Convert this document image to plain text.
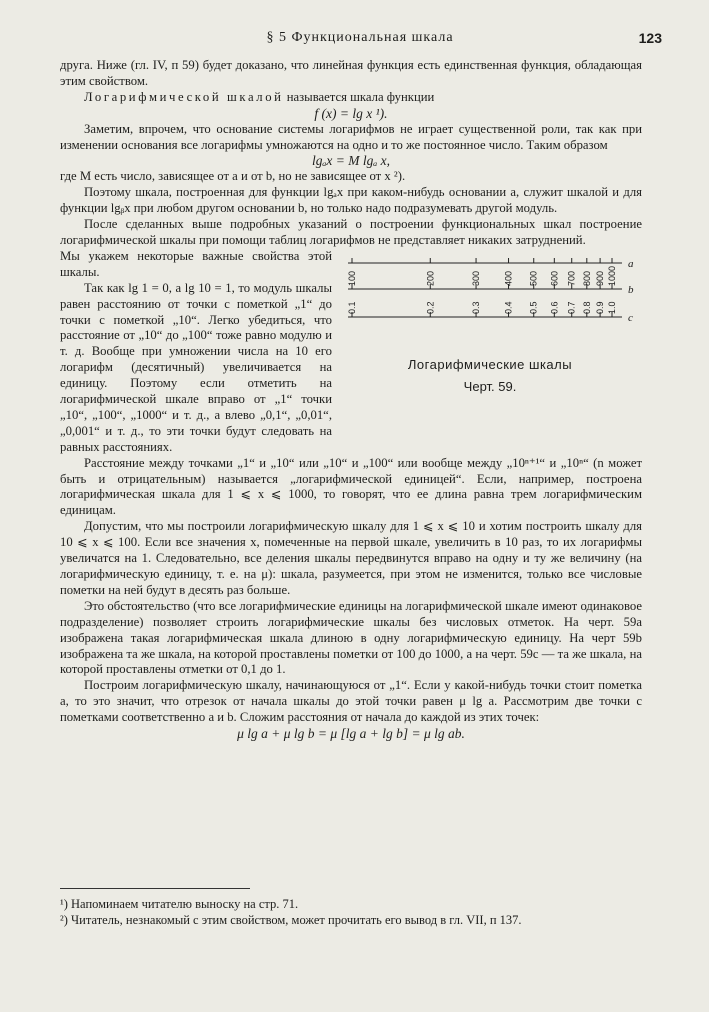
§ 5 Функциональная шкала	123

друга. Ниже (гл. IV, п 59) будет доказано, что линейная функция есть единственная функция, обладающая этим свойством.

Логарифмической шкалой называется шкала функции

f (x) = lg x ¹).

Заметим, впрочем, что основание системы логарифмов не играет существенной роли, так как при изменении основания все логарифмы умножаются на одно и то же постоянное число. Таким образом

lgₐx = M lgₐ x,

где M есть число, зависящее от a и от b, но не зависящее от x ²).

Поэтому шкала, построенная для функции lgₐx при каком-нибудь основании a, служит шкалой и для функции lgᵦx при любом другом основании b, но только надо подразумевать другой модуль.

После сделанных выше подробных указаний о построении функциональных шкал построение логарифмической шкалы при помощи таблиц логарифмов не представляет никаких затруднений.

a
b
c
100	200	300 400 500 600 700 800 900 1000
0.1	0.2	0.3 0.4 0.5 0.6 0.7 0.8 0.9 1.0
Логарифмические шкалы
Черт. 59.

Мы укажем некоторые важные свойства этой шкалы.

Так как lg 1 = 0, а lg 10 = 1, то модуль шкалы равен расстоянию от точки с пометкой „1“ до точки с пометкой „10“. Легко убедиться, что расстояние от „10“ до „100“ тоже равно модулю и т. д. Вообще при умножении числа на 10 его логарифм (десятичный) увеличивается на единицу. Поэтому если отметить на логарифмической шкале вправо от „1“ точки „10“, „100“, „1000“ и т. д., а влево „0,1“, „0,01“, „0,001“ и т. д., то эти точки будут следовать на равных расстояниях.

Расстояние между точками „1“ и „10“ или „10“ и „100“ или вообще между „10ⁿ⁺¹“ и „10ⁿ“ (n может быть и отрицательным) называется „логарифмической единицей“. Если, например, построена логарифмическая шкала для 1 ⩽ x ⩽ 1000, то говорят, что ее длина равна трем логарифмическим единицам.

Допустим, что мы построили логарифмическую шкалу для 1 ⩽ x ⩽ 10 и хотим построить шкалу для 10 ⩽ x ⩽ 100. Если все значения x, помеченные на первой шкале, увеличить в 10 раз, то их логарифмы увеличатся на 1. Следовательно, все деления шкалы передвинутся вправо на одну и ту же величину (на логарифмическую единицу, т. е. на μ): шкала, разумеется, при этом не изменится, только все числовые пометки на ней будут в десять раз больше.

Это обстоятельство (что все логарифмические единицы на логарифмической шкале имеют одинаковое подразделение) позволяет строить логарифмические шкалы без числовых отметок. На черт. 59a изображена такая логарифмическая шкала длиною в одну логарифмическую единицу. На черт 59b изображена та же шкала, на которой проставлены пометки от 100 до 1000, а на черт. 59c — та же шкала, на которой проставлены отметки от 0,1 до 1.

Построим логарифмическую шкалу, начинающуюся от „1“. Если у какой-нибудь точки стоит пометка a, то это значит, что отрезок от начала шкалы до этой точки равен μ lg a. Рассмотрим две точки с пометками соответственно a и b. Сложим расстояния от начала до каждой из этих точек:

μ lg a + μ lg b = μ [lg a + lg b] = μ lg ab.

¹) Напоминаем читателю выноску на стр. 71.

²) Читатель, незнакомый с этим свойством, может прочитать его вывод в гл. VII, п 137.
